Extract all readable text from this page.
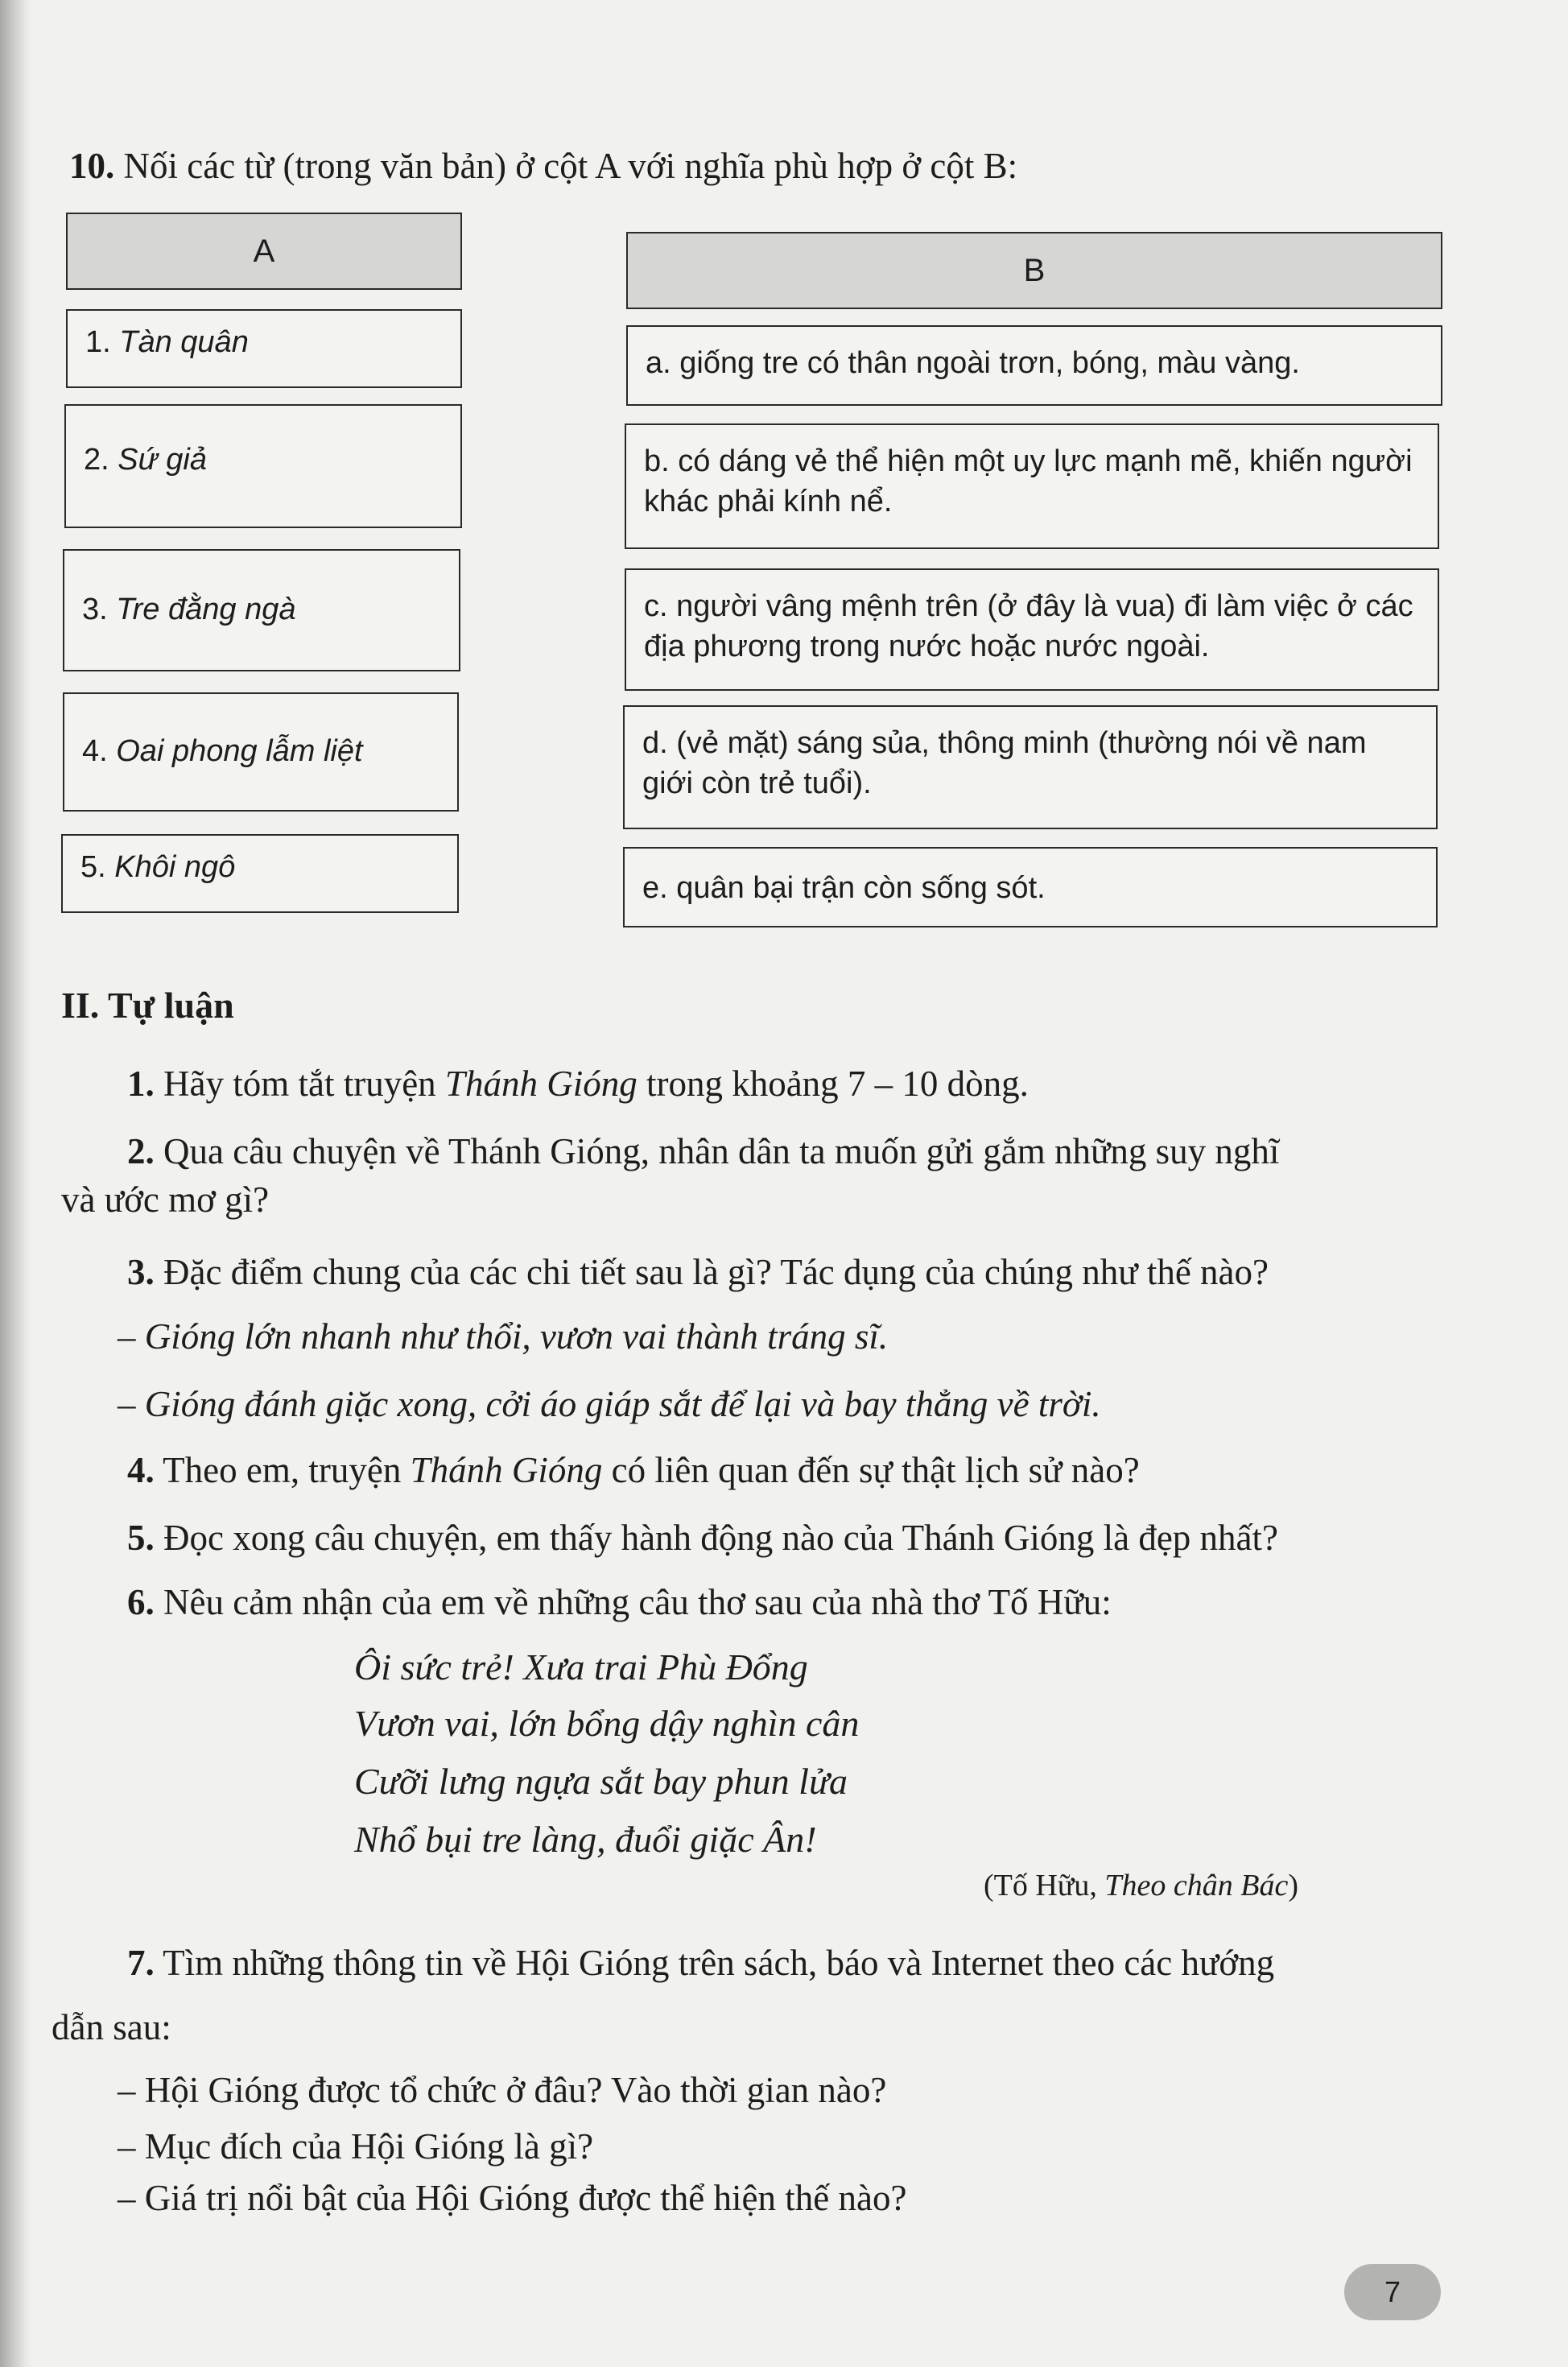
10. Nối các từ (trong văn bản) ở cột A với nghĩa phù hợp ở cột B:
A
B
1. Tàn quân
2. Sứ giả
3. Tre đằng ngà
4. Oai phong lẫm liệt
5. Khôi ngô
a. giống tre có thân ngoài trơn, bóng, màu vàng.
b. có dáng vẻ thể hiện một uy lực mạnh mẽ, khiến người khác phải kính nể.
c. người vâng mệnh trên (ở đây là vua) đi làm việc ở các địa phương trong nước hoặc nước ngoài.
d. (vẻ mặt) sáng sủa, thông minh (thường nói về nam giới còn trẻ tuổi).
e. quân bại trận còn sống sót.
II. Tự luận
1. Hãy tóm tắt truyện Thánh Gióng trong khoảng 7 – 10 dòng.
2. Qua câu chuyện về Thánh Gióng, nhân dân ta muốn gửi gắm những suy nghĩ
và ước mơ gì?
3. Đặc điểm chung của các chi tiết sau là gì? Tác dụng của chúng như thế nào?
– Gióng lớn nhanh như thổi, vươn vai thành tráng sĩ.
– Gióng đánh giặc xong, cởi áo giáp sắt để lại và bay thẳng về trời.
4. Theo em, truyện Thánh Gióng có liên quan đến sự thật lịch sử nào?
5. Đọc xong câu chuyện, em thấy hành động nào của Thánh Gióng là đẹp nhất?
6. Nêu cảm nhận của em về những câu thơ sau của nhà thơ Tố Hữu:
Ôi sức trẻ! Xưa trai Phù Đổng
Vươn vai, lớn bổng dậy nghìn cân
Cưỡi lưng ngựa sắt bay phun lửa
Nhổ bụi tre làng, đuổi giặc Ân!
(Tố Hữu, Theo chân Bác)
7. Tìm những thông tin về Hội Gióng trên sách, báo và Internet theo các hướng
dẫn sau:
– Hội Gióng được tổ chức ở đâu? Vào thời gian nào?
– Mục đích của Hội Gióng là gì?
– Giá trị nổi bật của Hội Gióng được thể hiện thế nào?
7
